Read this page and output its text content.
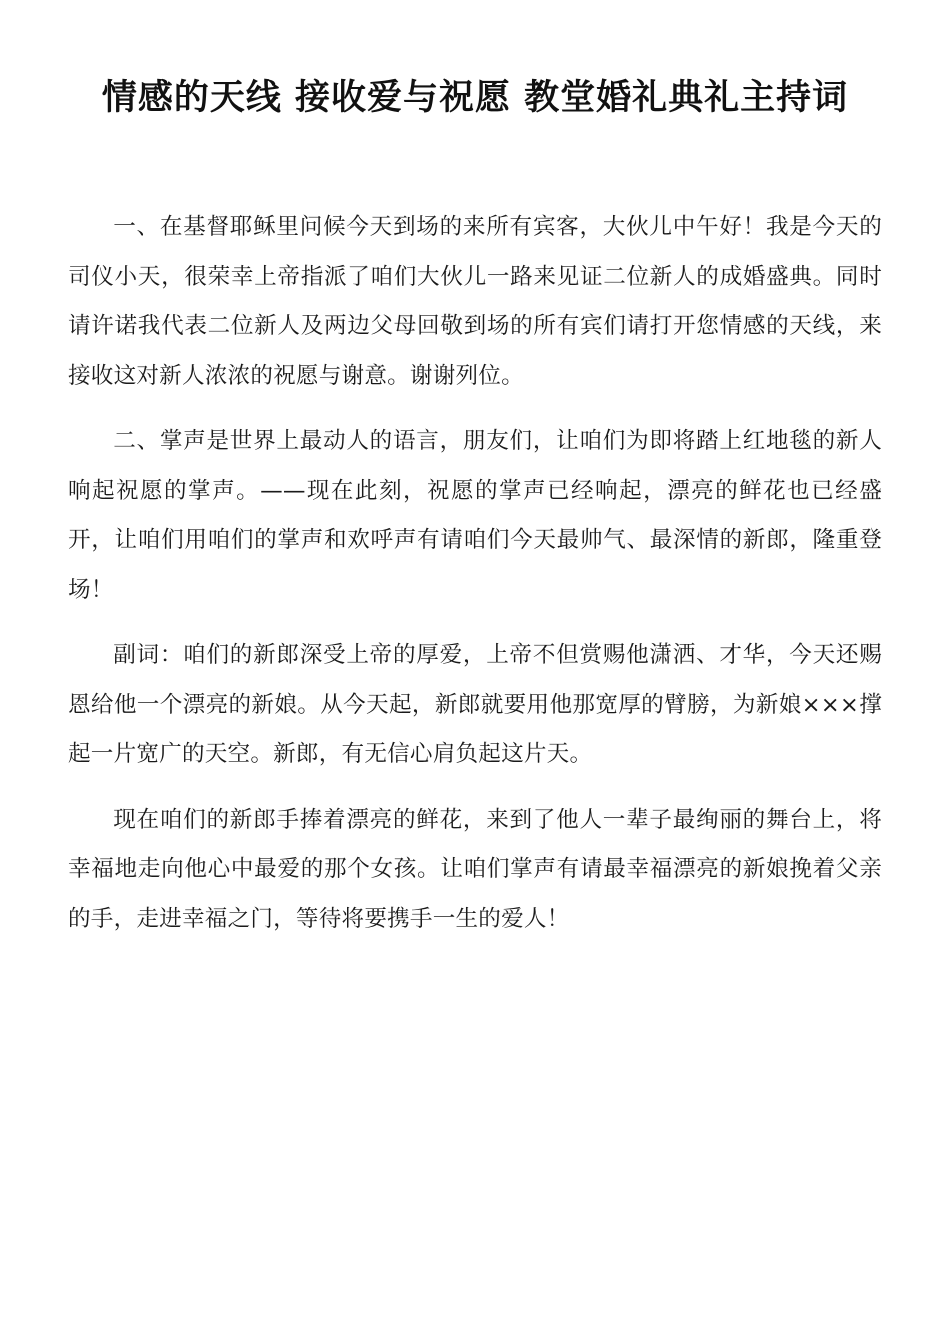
情感的天线 接收爱与祝愿 教堂婚礼典礼主持词

一、在基督耶稣里问候今天到场的来所有宾客，大伙儿中午好！我是今天的司仪小天，很荣幸上帝指派了咱们大伙儿一路来见证二位新人的成婚盛典。同时请许诺我代表二位新人及两边父母回敬到场的所有宾们请打开您情感的天线，来接收这对新人浓浓的祝愿与谢意。谢谢列位。

二、掌声是世界上最动人的语言，朋友们，让咱们为即将踏上红地毯的新人响起祝愿的掌声。——现在此刻，祝愿的掌声已经响起，漂亮的鲜花也已经盛开，让咱们用咱们的掌声和欢呼声有请咱们今天最帅气、最深情的新郎，隆重登场！

副词：咱们的新郎深受上帝的厚爱，上帝不但赏赐他潇洒、才华，今天还赐恩给他一个漂亮的新娘。从今天起，新郎就要用他那宽厚的臂膀，为新娘×××撑起一片宽广的天空。新郎，有无信心肩负起这片天。

现在咱们的新郎手捧着漂亮的鲜花，来到了他人一辈子最绚丽的舞台上，将幸福地走向他心中最爱的那个女孩。让咱们掌声有请最幸福漂亮的新娘挽着父亲的手，走进幸福之门，等待将要携手一生的爱人！
